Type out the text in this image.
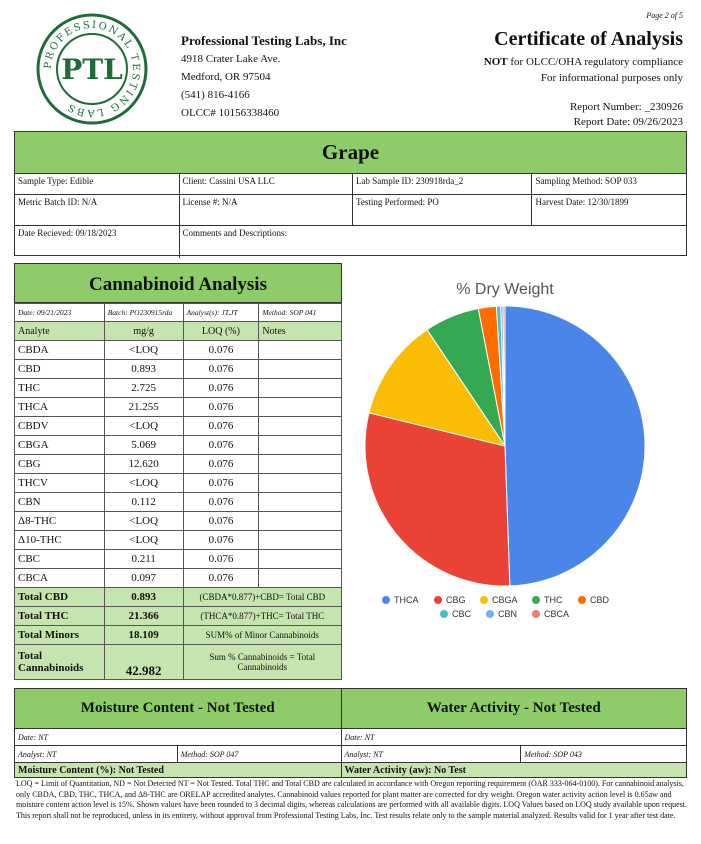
PROFESSIONAL TESTING LABS
PTL
Professional Testing Labs, Inc
4918 Crater Lake Ave.
Medford, OR 97504
(541) 816-4166
OLCC# 10156338460
Page 2 of 5
Certificate of Analysis
NOT for OLCC/OHA regulatory compliance
For informational purposes only
Report Number: _230926
Report Date: 09/26/2023
Grape
Sample Type: Edible	Client: Cassini USA LLC	Lab Sample ID: 230918rda_2	Sampling Method: SOP 033
Metric Batch ID: N/A	License #: N/A	Testing Performed: PO	Harvest Date: 12/30/1899
Date Recieved: 09/18/2023	Comments and Descriptions:
Cannabinoid Analysis
Date: 09/21/2023	Batch: PO230915rda	Analyst(s): JT,JT	Method: SOP 041
Analyte	mg/g	LOQ (%)	Notes
CBDA	<LOQ	0.076	
CBD	0.893	0.076	
THC	2.725	0.076	
THCA	21.255	0.076	
CBDV	<LOQ	0.076	
CBGA	5.069	0.076	
CBG	12.620	0.076	
THCV	<LOQ	0.076	
CBN	0.112	0.076	
Δ8-THC	<LOQ	0.076	
Δ10-THC	<LOQ	0.076	
CBC	0.211	0.076	
CBCA	0.097	0.076	
Total CBD	0.893	(CBDA*0.877)+CBD= Total CBD	
Total THC	21.366	(THCA*0.877)+THC= Total THC	
Total Minors	18.109	SUM% of Minor Cannabinoids	
Total Cannabinoids	42.982	Sum % Cannabinoids = Total Cannabinoids	
% Dry Weight
THCA	CBG	CBGA	THC	CBD
CBC	CBN	CBCA
Moisture Content - Not Tested		Water Activity - Not Tested	
Date: NT		Date: NT	
Analyst: NT	Method: SOP 047	Analyst: NT	Method: SOP 043
Moisture Content (%): Not Tested		Water Activity (aw): No Test	
LOQ = Limit of Quantitation, ND = Not Detected NT = Not Tested. Total THC and Total CBD are calculated in accordance with Oregon reporting requirement (OAR 333-064-0100). For cannabinoid analysis, only CBDA, CBD, THC, THCA, and Δ8-THC are ORELAP accredited analytes. Cannabinoid values reported for plant matter are corrected for dry weight. Oregon water activity action level is 0.65aw and moisture content action level is 15%. Shown values have been rounded to 3 decimal digits, whereas calculations are performed with all available digits. LOQ Values based on LOQ study available upon request. This report shall not be reproduced, unless in its entirety, without approval from Professional Testing Labs, Inc. Test results relate only to the sample material analyzed. Results valid for 1 year after test date.
